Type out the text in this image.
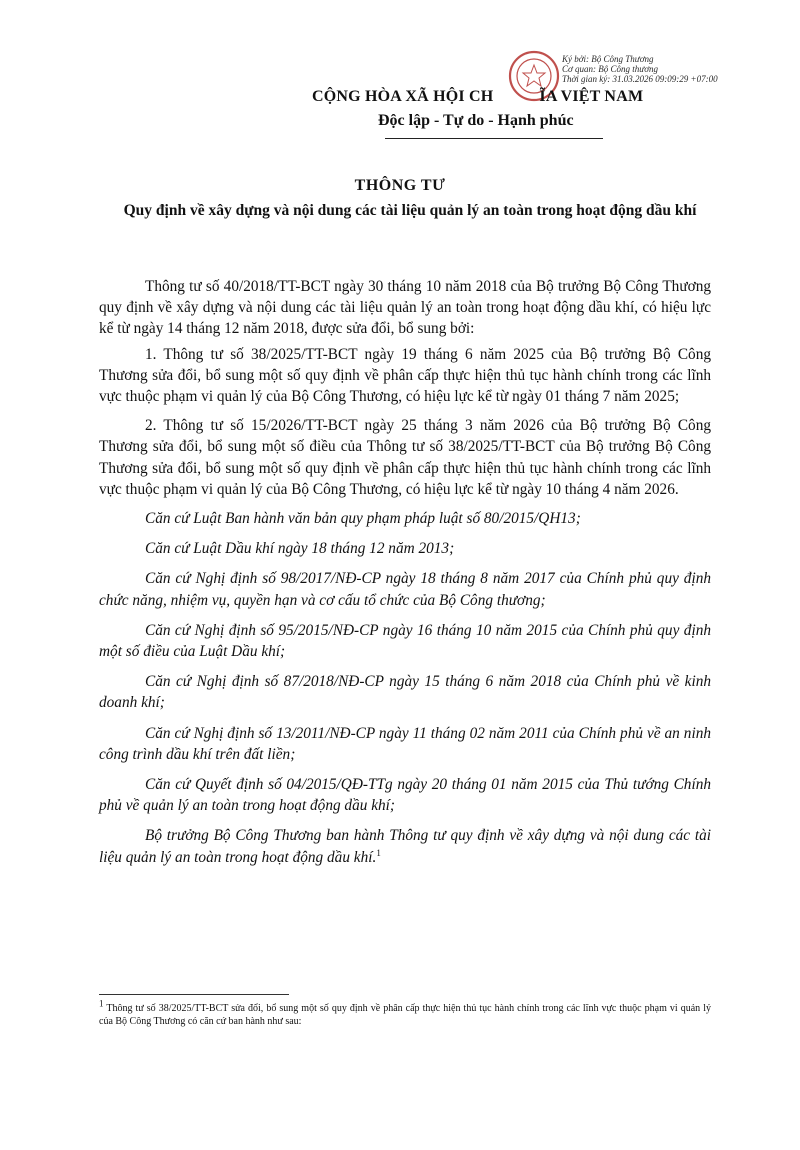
Ký bởi: Bộ Công Thương
Cơ quan: Bộ Công thương
Thời gian ký: 31.03.2026 09:09:29 +07:00
CỘNG HÒA XÃ HỘI CH	ĨA VIỆT NAM
Độc lập - Tự do - Hạnh phúc
THÔNG TƯ
Quy định về xây dựng và nội dung các tài liệu quản lý an toàn trong hoạt động dầu khí

Thông tư số 40/2018/TT-BCT ngày 30 tháng 10 năm 2018 của Bộ trưởng Bộ Công Thương quy định về xây dựng và nội dung các tài liệu quản lý an toàn trong hoạt động dầu khí, có hiệu lực kể từ ngày 14 tháng 12 năm 2018, được sửa đổi, bổ sung bởi:

1. Thông tư số 38/2025/TT-BCT ngày 19 tháng 6 năm 2025 của Bộ trưởng Bộ Công Thương sửa đổi, bổ sung một số quy định về phân cấp thực hiện thủ tục hành chính trong các lĩnh vực thuộc phạm vi quản lý của Bộ Công Thương, có hiệu lực kể từ ngày 01 tháng 7 năm 2025;

2. Thông tư số 15/2026/TT-BCT ngày 25 tháng 3 năm 2026 của Bộ trưởng Bộ Công Thương sửa đổi, bổ sung một số điều của Thông tư số 38/2025/TT-BCT của Bộ trưởng Bộ Công Thương sửa đổi, bổ sung một số quy định về phân cấp thực hiện thủ tục hành chính trong các lĩnh vực thuộc phạm vi quản lý của Bộ Công Thương, có hiệu lực kể từ ngày 10 tháng 4 năm 2026.

Căn cứ Luật Ban hành văn bản quy phạm pháp luật số 80/2015/QH13;

Căn cứ Luật Dầu khí ngày 18 tháng 12 năm 2013;

Căn cứ Nghị định số 98/2017/NĐ-CP ngày 18 tháng 8 năm 2017 của Chính phủ quy định chức năng, nhiệm vụ, quyền hạn và cơ cấu tổ chức của Bộ Công thương;

Căn cứ Nghị định số 95/2015/NĐ-CP ngày 16 tháng 10 năm 2015 của Chính phủ quy định một số điều của Luật Dầu khí;

Căn cứ Nghị định số 87/2018/NĐ-CP ngày 15 tháng 6 năm 2018 của Chính phủ về kinh doanh khí;

Căn cứ Nghị định số 13/2011/NĐ-CP ngày 11 tháng 02 năm 2011 của Chính phủ về an ninh công trình dầu khí trên đất liền;

Căn cứ Quyết định số 04/2015/QĐ-TTg ngày 20 tháng 01 năm 2015 của Thủ tướng Chính phủ về quản lý an toàn trong hoạt động dầu khí;

Bộ trưởng Bộ Công Thương ban hành Thông tư quy định về xây dựng và nội dung các tài liệu quản lý an toàn trong hoạt động dầu khí.$^1$

$^1$ Thông tư số 38/2025/TT-BCT sửa đổi, bổ sung một số quy định về phân cấp thực hiện thủ tục hành chính trong các lĩnh vực thuộc phạm vi quản lý của Bộ Công Thương có căn cứ ban hành như sau:
